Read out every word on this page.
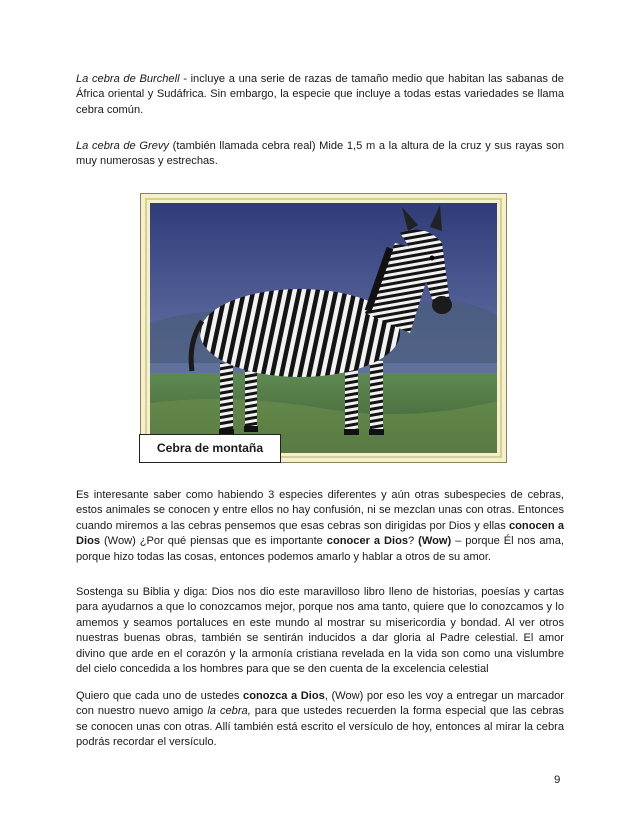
La cebra de Burchell - incluye a una serie de razas de tamaño medio que habitan las sabanas de África oriental y Sudáfrica. Sin embargo, la especie que incluye a todas estas variedades se llama cebra común.

La cebra de Grevy (también llamada cebra real) Mide 1,5 m a la altura de la cruz y sus rayas son muy numerosas y estrechas.

Cebra de montaña

Es interesante saber como habiendo 3 especies diferentes y aún otras subespecies de cebras, estos animales se conocen y entre ellos no hay confusión, ni se mezclan unas con otras. Entonces cuando miremos a las cebras pensemos que esas cebras son dirigidas por Dios y ellas conocen a Dios (Wow) ¿Por qué piensas que es importante conocer a Dios? (Wow) – porque Él nos ama, porque hizo todas las cosas, entonces podemos amarlo y hablar a otros de su amor.

Sostenga su Biblia y diga: Dios nos dio este maravilloso libro lleno de historias, poesías y cartas para ayudarnos a que lo conozcamos mejor, porque nos ama tanto, quiere que lo conozcamos y lo amemos y seamos portaluces en este mundo al mostrar su misericordia y bondad. Al ver otros nuestras buenas obras, también se sentirán inducidos a dar gloria al Padre celestial. El amor divino que arde en el corazón y la armonía cristiana revelada en la vida son como una vislumbre del cielo concedida a los hombres para que se den cuenta de la excelencia celestial

Quiero que cada uno de ustedes conozca a Dios, (Wow) por eso les voy a entregar un marcador con nuestro nuevo amigo la cebra, para que ustedes recuerden la forma especial que las cebras se conocen unas con otras. Allí también está escrito el versículo de hoy, entonces al mirar la cebra podrás recordar el versículo.

9
